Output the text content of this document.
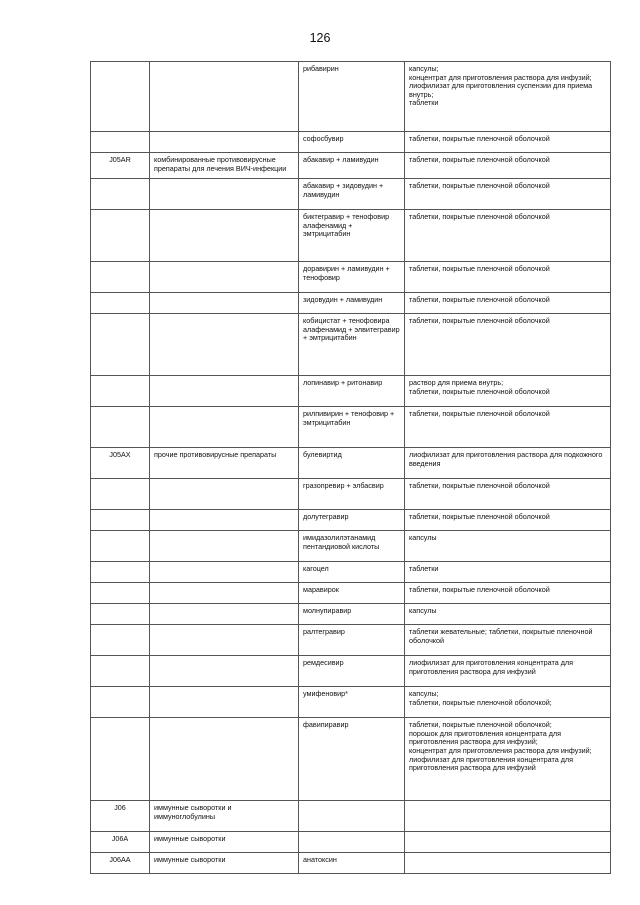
126
		рибавирин	капсулы;
концентрат для приготовления раствора для инфузий;
лиофилизат для приготовления суспензии для приема внутрь;
таблетки
		софосбувир	таблетки, покрытые пленочной оболочкой
J05AR	комбинированные противовирусные препараты для лечения ВИЧ-инфекции	абакавир + ламивудин	таблетки, покрытые пленочной оболочкой
		абакавир + зидовудин + ламивудин	таблетки, покрытые пленочной оболочкой
		биктегравир + тенофовир алафенамид + эмтрицитабин	таблетки, покрытые пленочной оболочкой
		доравирин + ламивудин + тенофовир	таблетки, покрытые пленочной оболочкой
		зидовудин + ламивудин	таблетки, покрытые пленочной оболочкой
		кобицистат + тенофовира алафенамид + элвитегравир + эмтрицитабин	таблетки, покрытые пленочной оболочкой
		лопинавир + ритонавир	раствор для приема внутрь;
таблетки, покрытые пленочной оболочкой
		рилпивирин + тенофовир + эмтрицитабин	таблетки, покрытые пленочной оболочкой
J05AX	прочие противовирусные препараты	булевиртид	лиофилизат для приготовления раствора для подкожного введения
		гразопревир + элбасвир	таблетки, покрытые пленочной оболочкой
		долутегравир	таблетки, покрытые пленочной оболочкой
		имидазолилэтанамид пентандиовой кислоты	капсулы
		кагоцел	таблетки
		маравирок	таблетки, покрытые пленочной оболочкой
		молнупиравир	капсулы
		ралтегравир	таблетки жевательные; таблетки, покрытые пленочной оболочкой
		ремдесивир	лиофилизат для приготовления концентрата для приготовления раствора для инфузий
		умифеновир*	капсулы;
таблетки, покрытые пленочной оболочкой;
		фавипиравир	таблетки, покрытые пленочной оболочкой;
порошок для приготовления концентрата для приготовления раствора для инфузий;
концентрат для приготовления раствора для инфузий;
лиофилизат для приготовления концентрата для приготовления раствора для инфузий
J06	иммунные сыворотки и иммуноглобулины		
J06A	иммунные сыворотки		
J06AA	иммунные сыворотки	анатоксин	
